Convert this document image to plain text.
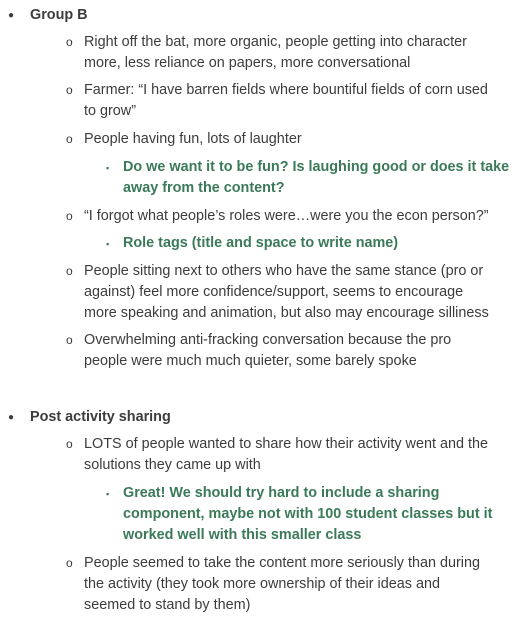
● Group B
o Right off the bat, more organic, people getting into character
more, less reliance on papers, more conversational
o Farmer: “I have barren fields where bountiful fields of corn used
to grow”
o People having fun, lots of laughter
▪ Do we want it to be fun? Is laughing good or does it take
away from the content?
o “I forgot what people’s roles were…were you the econ person?”
▪ Role tags (title and space to write name)
o People sitting next to others who have the same stance (pro or
against) feel more confidence/support, seems to encourage
more speaking and animation, but also may encourage silliness
o Overwhelming anti-fracking conversation because the pro
people were much much quieter, some barely spoke
● Post activity sharing
o LOTS of people wanted to share how their activity went and the
solutions they came up with
▪ Great! We should try hard to include a sharing
component, maybe not with 100 student classes but it
worked well with this smaller class
o People seemed to take the content more seriously than during
the activity (they took more ownership of their ideas and
seemed to stand by them)
